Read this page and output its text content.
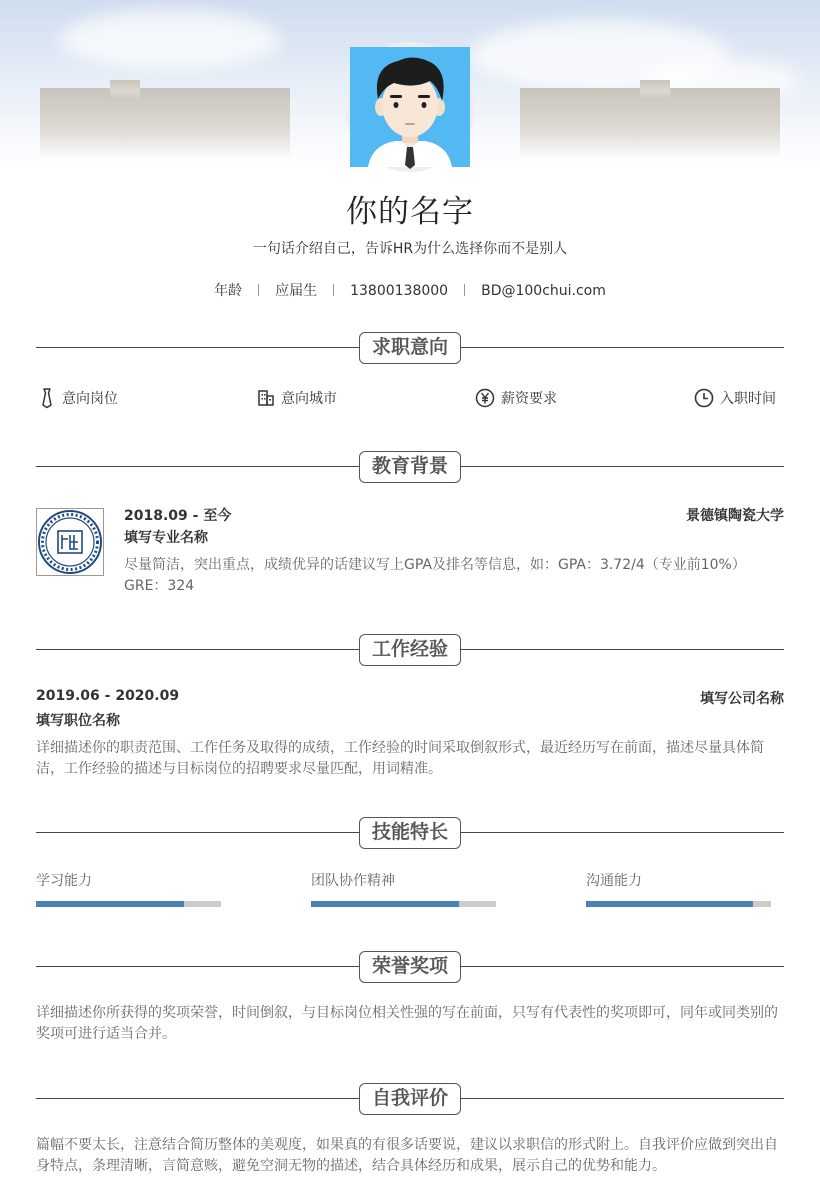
你的名字
一句话介绍自己，告诉HR为什么选择你而不是别人
年龄 应届生 13800138000 BD@100chui.com
求职意向
意向岗位	意向城市	薪资要求	入职时间
教育背景
2018.09 - 至今	景德镇陶瓷大学
填写专业名称
尽量简洁，突出重点，成绩优异的话建议写上GPA及排名等信息，如：GPA：3.72/4（专业前10%） GRE：324
工作经验
2019.06 - 2020.09	填写公司名称
填写职位名称
详细描述你的职责范围、工作任务及取得的成绩，工作经验的时间采取倒叙形式，最近经历写在前面，描述尽量具体简洁，工作经验的描述与目标岗位的招聘要求尽量匹配，用词精准。
技能特长
学习能力	团队协作精神	沟通能力
荣誉奖项
详细描述你所获得的奖项荣誉，时间倒叙，与目标岗位相关性强的写在前面，只写有代表性的奖项即可，同年或同类别的奖项可进行适当合并。
自我评价
篇幅不要太长，注意结合简历整体的美观度，如果真的有很多话要说，建议以求职信的形式附上。自我评价应做到突出自身特点，条理清晰，言简意赅，避免空洞无物的描述，结合具体经历和成果，展示自己的优势和能力。
